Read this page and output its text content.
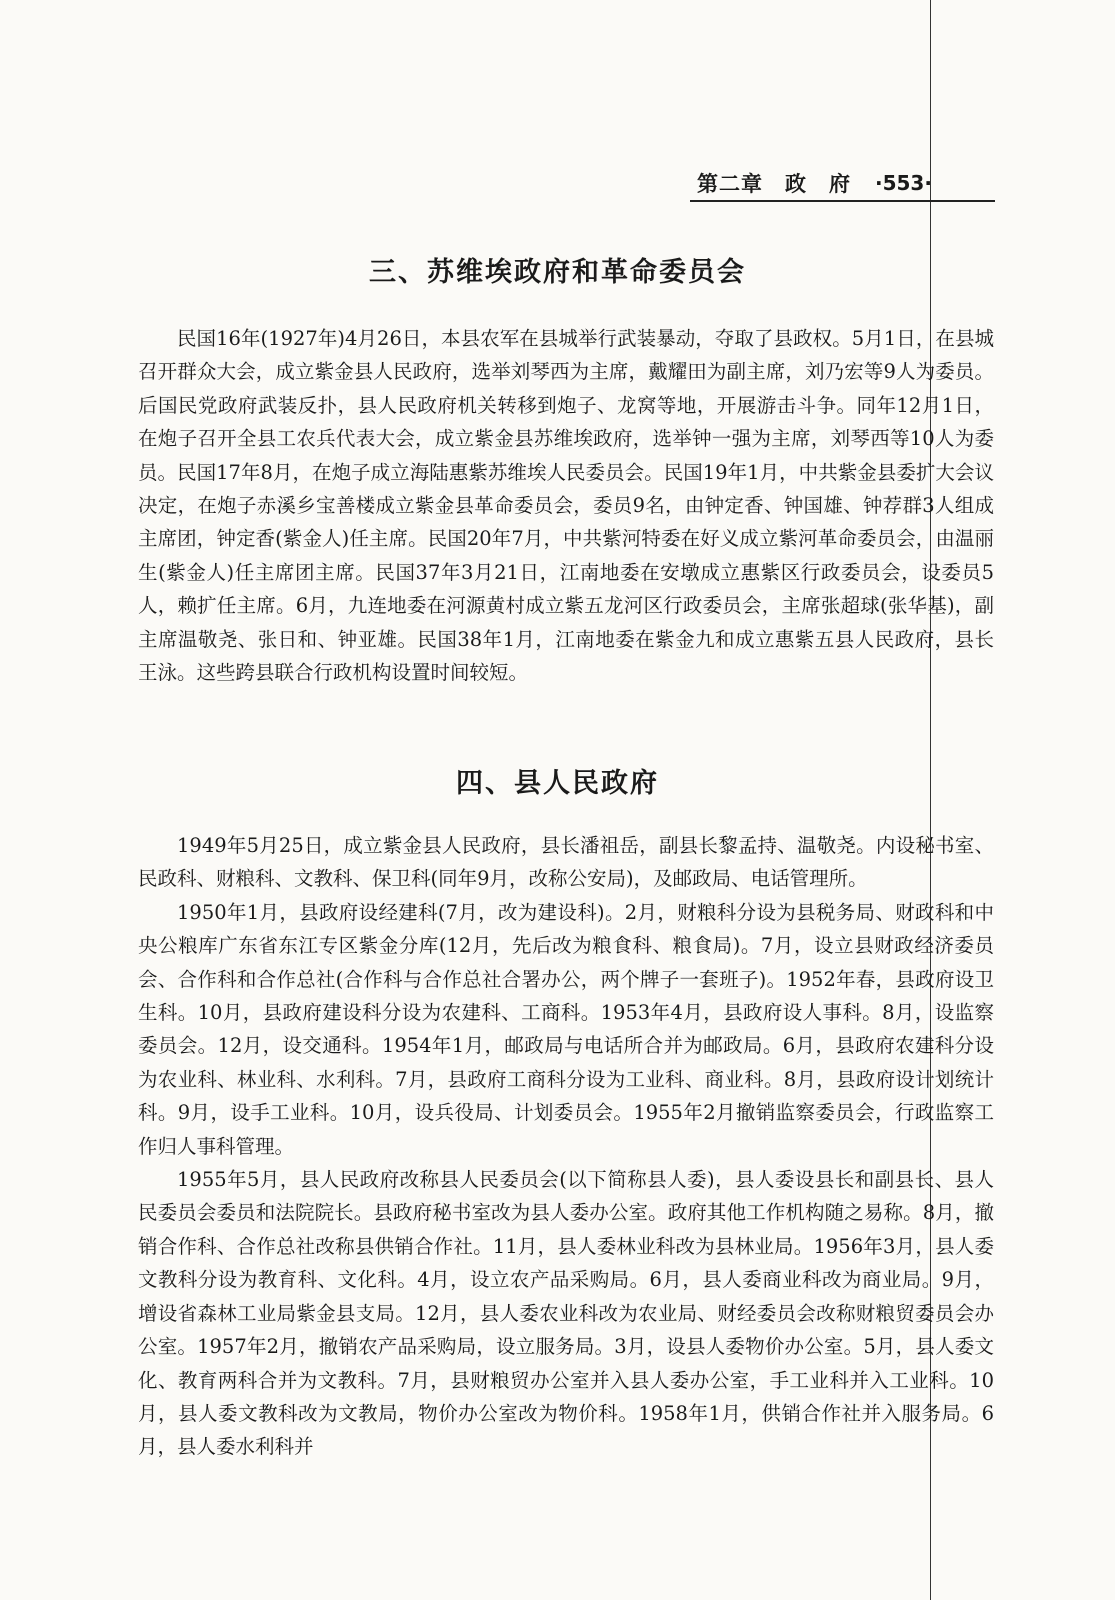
第二章　政　府 ·553·
三、苏维埃政府和革命委员会

民国16年(1927年)4月26日，本县农军在县城举行武装暴动，夺取了县政权。5月1日，在县城召开群众大会，成立紫金县人民政府，选举刘琴西为主席，戴耀田为副主席，刘乃宏等9人为委员。后国民党政府武装反扑，县人民政府机关转移到炮子、龙窝等地，开展游击斗争。同年12月1日，在炮子召开全县工农兵代表大会，成立紫金县苏维埃政府，选举钟一强为主席，刘琴西等10人为委员。民国17年8月，在炮子成立海陆惠紫苏维埃人民委员会。民国19年1月，中共紫金县委扩大会议决定，在炮子赤溪乡宝善楼成立紫金县革命委员会，委员9名，由钟定香、钟国雄、钟荐群3人组成主席团，钟定香(紫金人)任主席。民国20年7月，中共紫河特委在好义成立紫河革命委员会，由温丽生(紫金人)任主席团主席。民国37年3月21日，江南地委在安墩成立惠紫区行政委员会，设委员5人，赖扩任主席。6月，九连地委在河源黄村成立紫五龙河区行政委员会，主席张超球(张华基)，副主席温敬尧、张日和、钟亚雄。民国38年1月，江南地委在紫金九和成立惠紫五县人民政府，县长王泳。这些跨县联合行政机构设置时间较短。

四、县人民政府

1949年5月25日，成立紫金县人民政府，县长潘祖岳，副县长黎孟持、温敬尧。内设秘书室、民政科、财粮科、文教科、保卫科(同年9月，改称公安局)，及邮政局、电话管理所。

1950年1月，县政府设经建科(7月，改为建设科)。2月，财粮科分设为县税务局、财政科和中央公粮库广东省东江专区紫金分库(12月，先后改为粮食科、粮食局)。7月，设立县财政经济委员会、合作科和合作总社(合作科与合作总社合署办公，两个牌子一套班子)。1952年春，县政府设卫生科。10月，县政府建设科分设为农建科、工商科。1953年4月，县政府设人事科。8月，设监察委员会。12月，设交通科。1954年1月，邮政局与电话所合并为邮政局。6月，县政府农建科分设为农业科、林业科、水利科。7月，县政府工商科分设为工业科、商业科。8月，县政府设计划统计科。9月，设手工业科。10月，设兵役局、计划委员会。1955年2月撤销监察委员会，行政监察工作归人事科管理。

1955年5月，县人民政府改称县人民委员会(以下简称县人委)，县人委设县长和副县长、县人民委员会委员和法院院长。县政府秘书室改为县人委办公室。政府其他工作机构随之易称。8月，撤销合作科、合作总社改称县供销合作社。11月，县人委林业科改为县林业局。1956年3月，县人委文教科分设为教育科、文化科。4月，设立农产品采购局。6月，县人委商业科改为商业局。9月，增设省森林工业局紫金县支局。12月，县人委农业科改为农业局、财经委员会改称财粮贸委员会办公室。1957年2月，撤销农产品采购局，设立服务局。3月，设县人委物价办公室。5月，县人委文化、教育两科合并为文教科。7月，县财粮贸办公室并入县人委办公室，手工业科并入工业科。10月，县人委文教科改为文教局，物价办公室改为物价科。1958年1月，供销合作社并入服务局。6月，县人委水利科并
